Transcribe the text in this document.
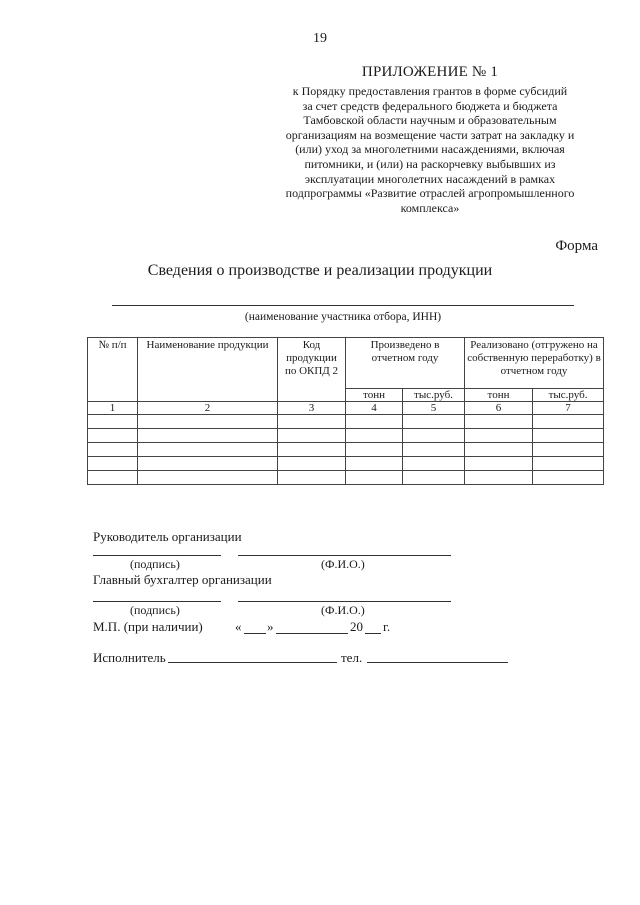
19
ПРИЛОЖЕНИЕ № 1
к Порядку предоставления грантов в форме субсидий
за счет средств федерального бюджета и бюджета
Тамбовской области научным и образовательным
организациям на возмещение части затрат на закладку и
(или) уход за многолетними насаждениями, включая
питомники, и (или) на раскорчевку выбывших из
эксплуатации многолетних насаждений в рамках
подпрограммы «Развитие отраслей агропромышленного
комплекса»
Форма
Сведения о производстве и реализации продукции
(наименование участника отбора, ИНН)
№ п/п	Наименование продукции	Код продукции по ОКПД 2	Произведено в отчетном году		Реализовано (отгружено на собственную переработку) в отчетном году	
			тонн	тыс.руб.	тонн	тыс.руб.
1	2	3	4	5	6	7

Руководитель организации
(подпись)	(Ф.И.О.)
Главный бухгалтер организации
(подпись)	(Ф.И.О.)
М.П. (при наличии) « »	20 г.
Исполнитель	тел.
